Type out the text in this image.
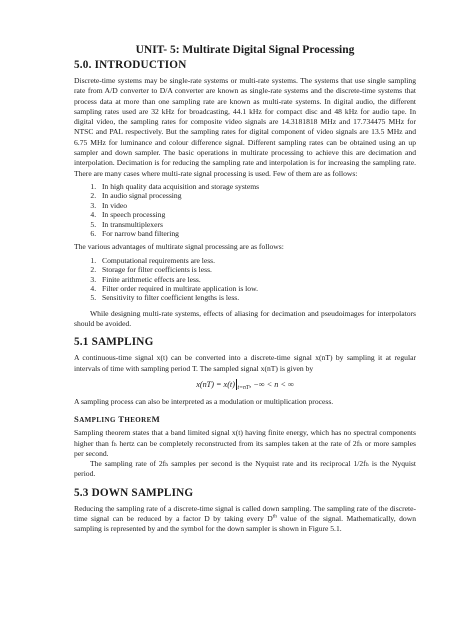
UNIT- 5: Multirate Digital Signal Processing

5.0. INTRODUCTION

Discrete-time systems may be single-rate systems or multi-rate systems. The systems that use single sampling rate from A/D converter to D/A converter are known as single-rate systems and the discrete-time systems that process data at more than one sampling rate are known as multi-rate systems. In digital audio, the different sampling rates used are 32 kHz for broadcasting, 44.1 kHz for compact disc and 48 kHz for audio tape. In digital video, the sampling rates for composite video signals are 14.3181818 MHz and 17.734475 MHz for NTSC and PAL respectively. But the sampling rates for digital component of video signals are 13.5 MHz and 6.75 MHz for luminance and colour difference signal. Different sampling rates can be obtained using an up sampler and down sampler. The basic operations in multirate processing to achieve this are decimation and interpolation. Decimation is for reducing the sampling rate and interpolation is for increasing the sampling rate. There are many cases where multi-rate signal processing is used. Few of them are as follows:

1. In high quality data acquisition and storage systems
2. In audio signal processing
3. In video
4. In speech processing
5. In transmultiplexers
6. For narrow band filtering

The various advantages of multirate signal processing are as follows:

1. Computational requirements are less.
2. Storage for filter coefficients is less.
3. Finite arithmetic effects are less.
4. Filter order required in multirate application is low.
5. Sensitivity to filter coefficient lengths is less.

While designing multi-rate systems, effects of aliasing for decimation and pseudoimages for interpolators should be avoided.

5.1 SAMPLING

A continuous-time signal x(t) can be converted into a discrete-time signal x(nT) by sampling it at regular intervals of time with sampling period T. The sampled signal x(nT) is given by

x(nT) = x(t) $_{t=nT}$, −∞ < n < ∞

A sampling process can also be interpreted as a modulation or multiplication process.

SAMPLING THEOREM

Sampling theorem states that a band limited signal x(t) having finite energy, which has no spectral components higher than fₕ hertz can be completely reconstructed from its samples taken at the rate of 2fₕ or more samples per second.

The sampling rate of 2fₕ samples per second is the Nyquist rate and its reciprocal 1/2fₕ is the Nyquist period.

5.3 DOWN SAMPLING

Reducing the sampling rate of a discrete-time signal is called down sampling. The sampling rate of the discrete-time signal can be reduced by a factor D by taking every Dth value of the signal. Mathematically, down sampling is represented by and the symbol for the down sampler is shown in Figure 5.1.
